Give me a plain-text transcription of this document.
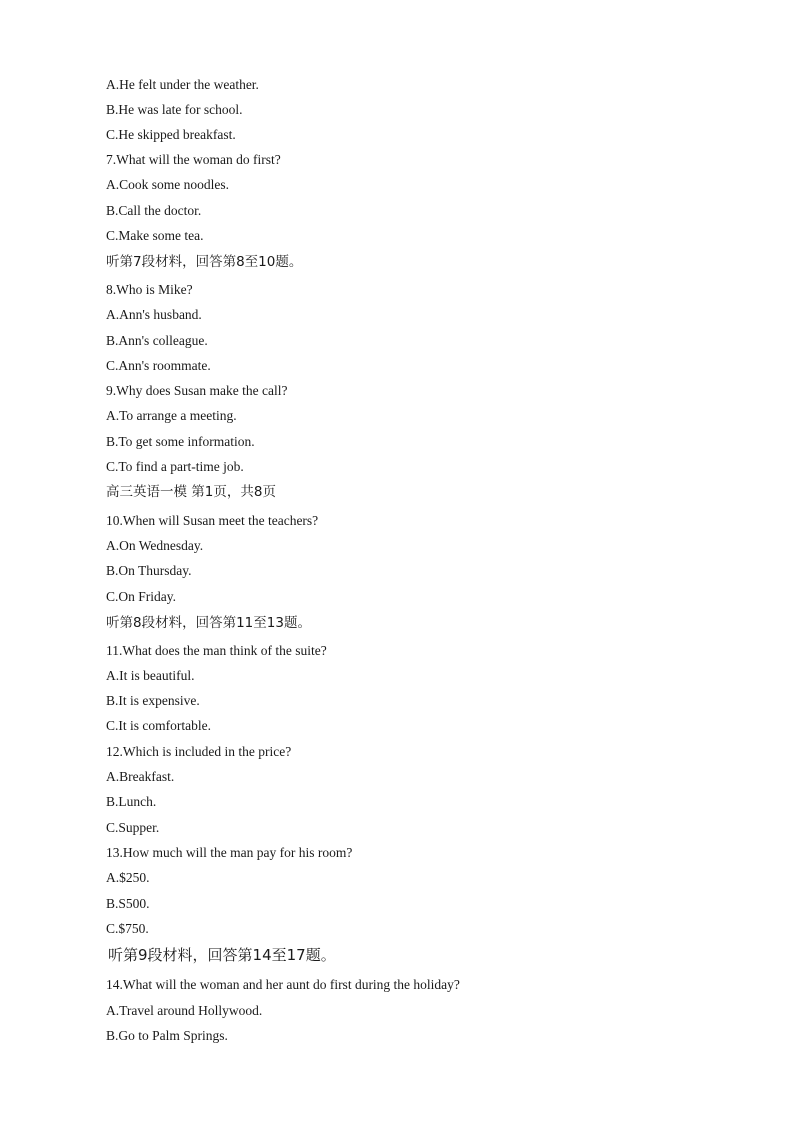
A.He felt under the weather.
B.He was late for school.
C.He skipped breakfast.
7.What will the woman do first?
A.Cook some noodles.
B.Call the doctor.
C.Make some tea.
听第7段材料，回答第8至10题。
8.Who is Mike?
A.Ann's husband.
B.Ann's colleague.
C.Ann's roommate.
9.Why does Susan make the call?
A.To arrange a meeting.
B.To get some information.
C.To find a part-time job.
高三英语一模 第1页，共8页
10.When will Susan meet the teachers?
A.On Wednesday.
B.On Thursday.
C.On Friday.
听第8段材料，回答第11至13题。
11.What does the man think of the suite?
A.It is beautiful.
B.It is expensive.
C.It is comfortable.
12.Which is included in the price?
A.Breakfast.
B.Lunch.
C.Supper.
13.How much will the man pay for his room?
A.$250.
B.S500.
C.$750.
听第9段材料，回答第14至17题。
14.What will the woman and her aunt do first during the holiday?
A.Travel around Hollywood.
B.Go to Palm Springs.
